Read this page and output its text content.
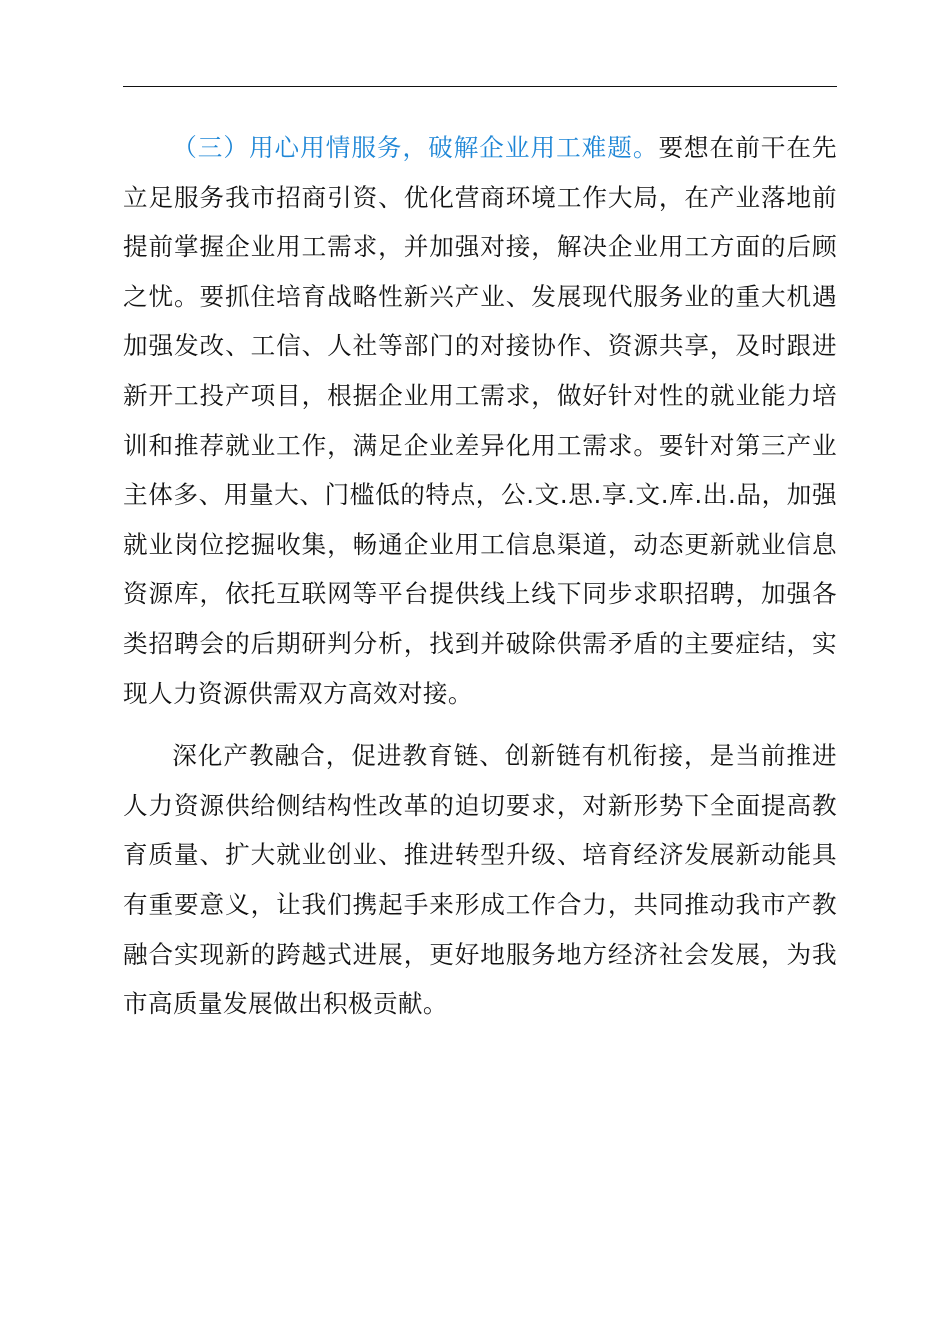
（三）用心用情服务，破解企业用工难题。要想在前干在先立足服务我市招商引资、优化营商环境工作大局，在产业落地前提前掌握企业用工需求，并加强对接，解决企业用工方面的后顾之忧。要抓住培育战略性新兴产业、发展现代服务业的重大机遇加强发改、工信、人社等部门的对接协作、资源共享，及时跟进新开工投产项目，根据企业用工需求，做好针对性的就业能力培训和推荐就业工作，满足企业差异化用工需求。要针对第三产业主体多、用量大、门槛低的特点，公.文.思.享.文.库.出.品，加强就业岗位挖掘收集，畅通企业用工信息渠道，动态更新就业信息资源库，依托互联网等平台提供线上线下同步求职招聘，加强各类招聘会的后期研判分析，找到并破除供需矛盾的主要症结，实现人力资源供需双方高效对接。

深化产教融合，促进教育链、创新链有机衔接，是当前推进人力资源供给侧结构性改革的迫切要求，对新形势下全面提高教育质量、扩大就业创业、推进转型升级、培育经济发展新动能具有重要意义，让我们携起手来形成工作合力，共同推动我市产教融合实现新的跨越式进展，更好地服务地方经济社会发展，为我市高质量发展做出积极贡献。
